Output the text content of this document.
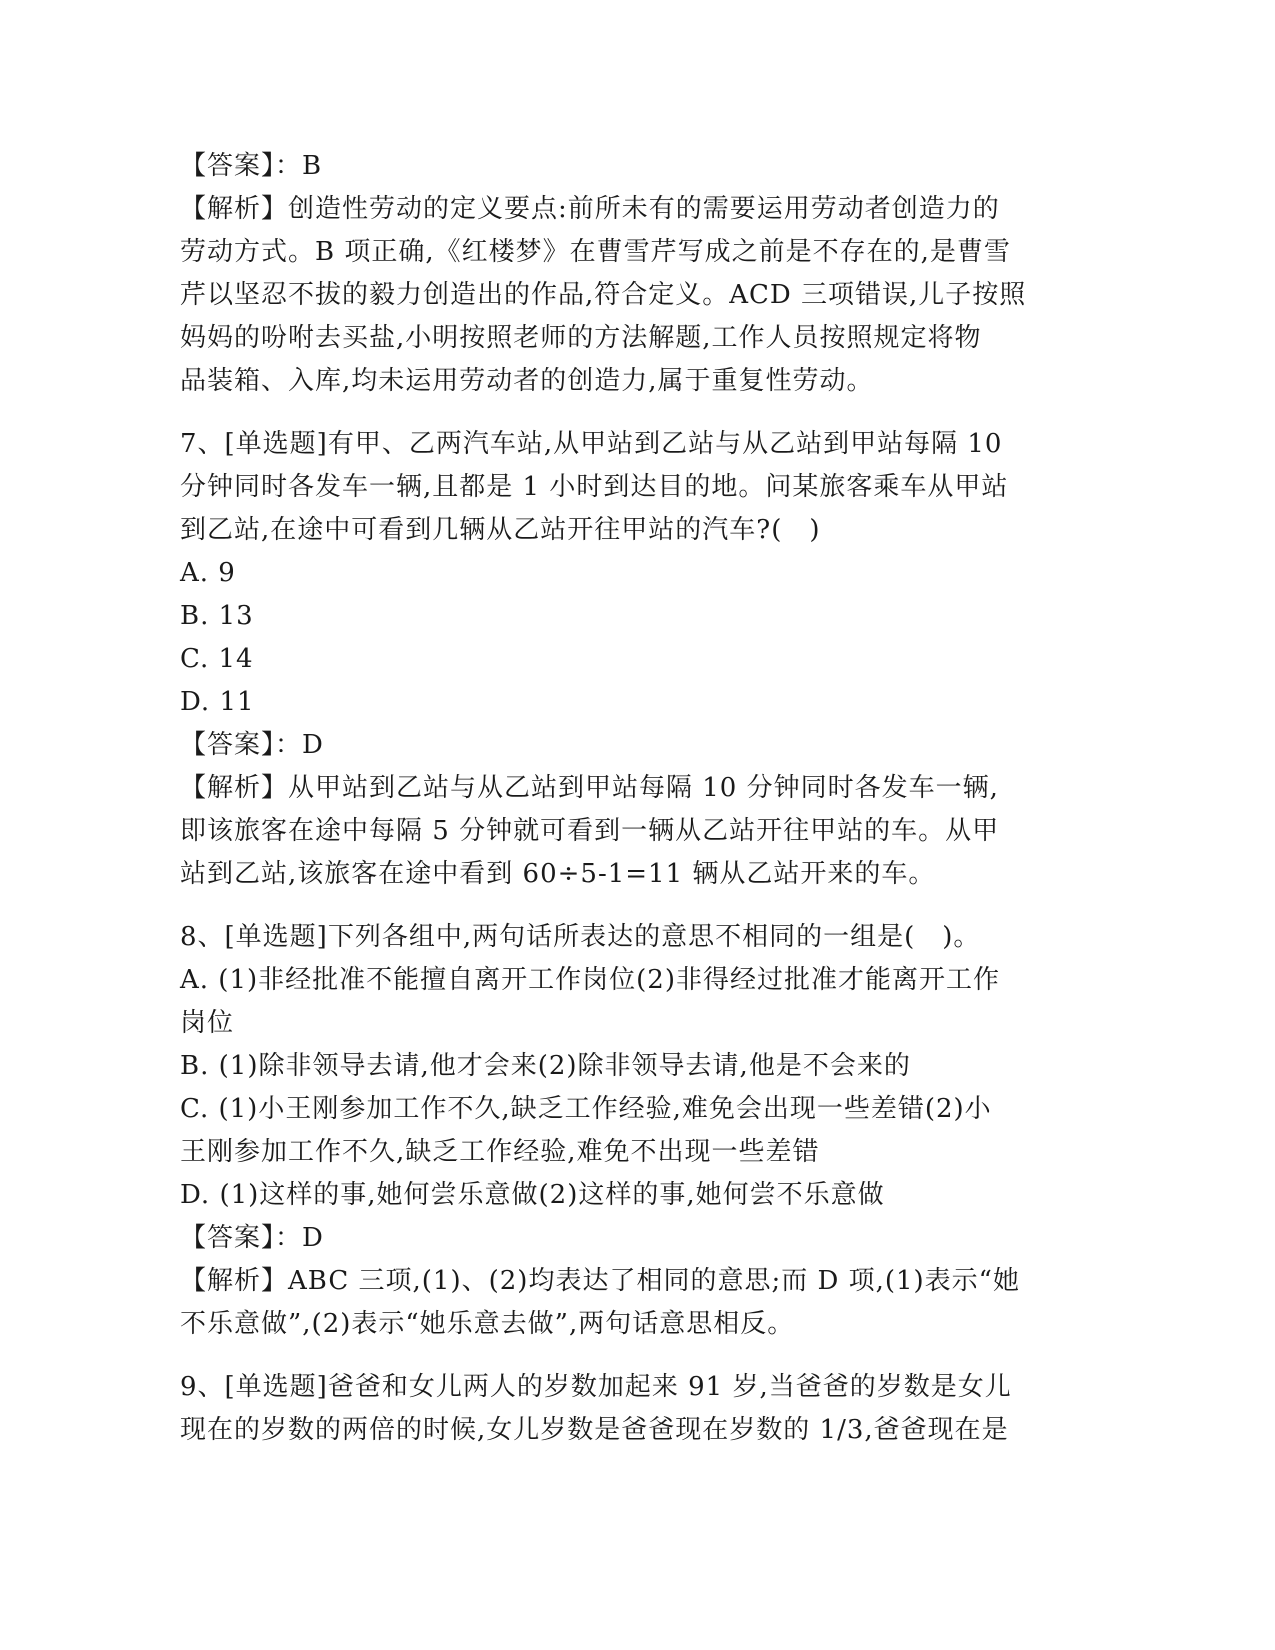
【答案】：B
【解析】创造性劳动的定义要点:前所未有的需要运用劳动者创造力的
劳动方式。B 项正确,《红楼梦》在曹雪芹写成之前是不存在的,是曹雪
芹以坚忍不拔的毅力创造出的作品,符合定义。ACD 三项错误,儿子按照
妈妈的吩咐去买盐,小明按照老师的方法解题,工作人员按照规定将物
品装箱、入库,均未运用劳动者的创造力,属于重复性劳动。
7、[单选题]有甲、乙两汽车站,从甲站到乙站与从乙站到甲站每隔 10
分钟同时各发车一辆,且都是 1 小时到达目的地。问某旅客乘车从甲站
到乙站,在途中可看到几辆从乙站开往甲站的汽车?(　)
A. 9
B. 13
C. 14
D. 11
【答案】：D
【解析】从甲站到乙站与从乙站到甲站每隔 10 分钟同时各发车一辆,
即该旅客在途中每隔 5 分钟就可看到一辆从乙站开往甲站的车。从甲
站到乙站,该旅客在途中看到 60÷5-1=11 辆从乙站开来的车。
8、[单选题]下列各组中,两句话所表达的意思不相同的一组是(　)。
A. (1)非经批准不能擅自离开工作岗位(2)非得经过批准才能离开工作
岗位
B. (1)除非领导去请,他才会来(2)除非领导去请,他是不会来的
C. (1)小王刚参加工作不久,缺乏工作经验,难免会出现一些差错(2)小
王刚参加工作不久,缺乏工作经验,难免不出现一些差错
D. (1)这样的事,她何尝乐意做(2)这样的事,她何尝不乐意做
【答案】：D
【解析】ABC 三项,(1)、(2)均表达了相同的意思;而 D 项,(1)表示“她
不乐意做”,(2)表示“她乐意去做”,两句话意思相反。
9、[单选题]爸爸和女儿两人的岁数加起来 91 岁,当爸爸的岁数是女儿
现在的岁数的两倍的时候,女儿岁数是爸爸现在岁数的 1/3,爸爸现在是
